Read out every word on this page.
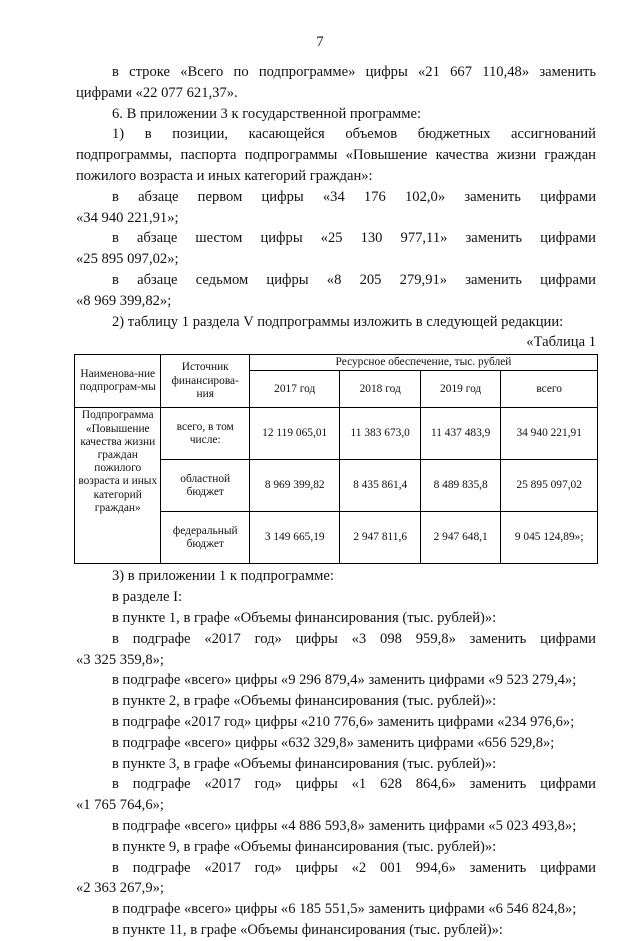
7

в строке «Всего по подпрограмме» цифры «21 667 110,48» заменить

цифрами «22 077 621,37».

6. В приложении 3 к государственной программе:

1) в позиции, касающейся объемов бюджетных ассигнований

подпрограммы, паспорта подпрограммы «Повышение качества жизни граждан

пожилого возраста и иных категорий граждан»:

в абзаце первом цифры «34 176 102,0» заменить цифрами

«34 940 221,91»;

в абзаце шестом цифры «25 130 977,11» заменить цифрами

«25 895 097,02»;

в абзаце седьмом цифры «8 205 279,91» заменить цифрами

«8 969 399,82»;

2) таблицу 1 раздела V подпрограммы изложить в следующей редакции:

«Таблица 1

Наименова-ние подпрограм-мы	Источник финансирова-ния	Ресурсное обеспечение, тыс. рублей			
		2017 год	2018 год	2019 год	всего
Подпрограмма «Повышение качества жизни граждан пожилого возраста и иных категорий граждан»	всего, в том числе:	12 119 065,01	11 383 673,0	11 437 483,9	34 940 221,91
	областной бюджет	8 969 399,82	8 435 861,4	8 489 835,8	25 895 097,02
	федеральный бюджет	3 149 665,19	2 947 811,6	2 947 648,1	9 045 124,89»;

3) в приложении 1 к подпрограмме:

в разделе I:

в пункте 1, в графе «Объемы финансирования (тыс. рублей)»:

в подграфе «2017 год» цифры «3 098 959,8» заменить цифрами

«3 325 359,8»;

в подграфе «всего» цифры «9 296 879,4» заменить цифрами «9 523 279,4»;

в пункте 2, в графе «Объемы финансирования (тыс. рублей)»:

в подграфе «2017 год» цифры «210 776,6» заменить цифрами «234 976,6»;

в подграфе «всего» цифры «632 329,8» заменить цифрами «656 529,8»;

в пункте 3, в графе «Объемы финансирования (тыс. рублей)»:

в подграфе «2017 год» цифры «1 628 864,6» заменить цифрами

«1 765 764,6»;

в подграфе «всего» цифры «4 886 593,8» заменить цифрами «5 023 493,8»;

в пункте 9, в графе «Объемы финансирования (тыс. рублей)»:

в подграфе «2017 год» цифры «2 001 994,6» заменить цифрами

«2 363 267,9»;

в подграфе «всего» цифры «6 185 551,5» заменить цифрами «6 546 824,8»;

в пункте 11, в графе «Объемы финансирования (тыс. рублей)»:
